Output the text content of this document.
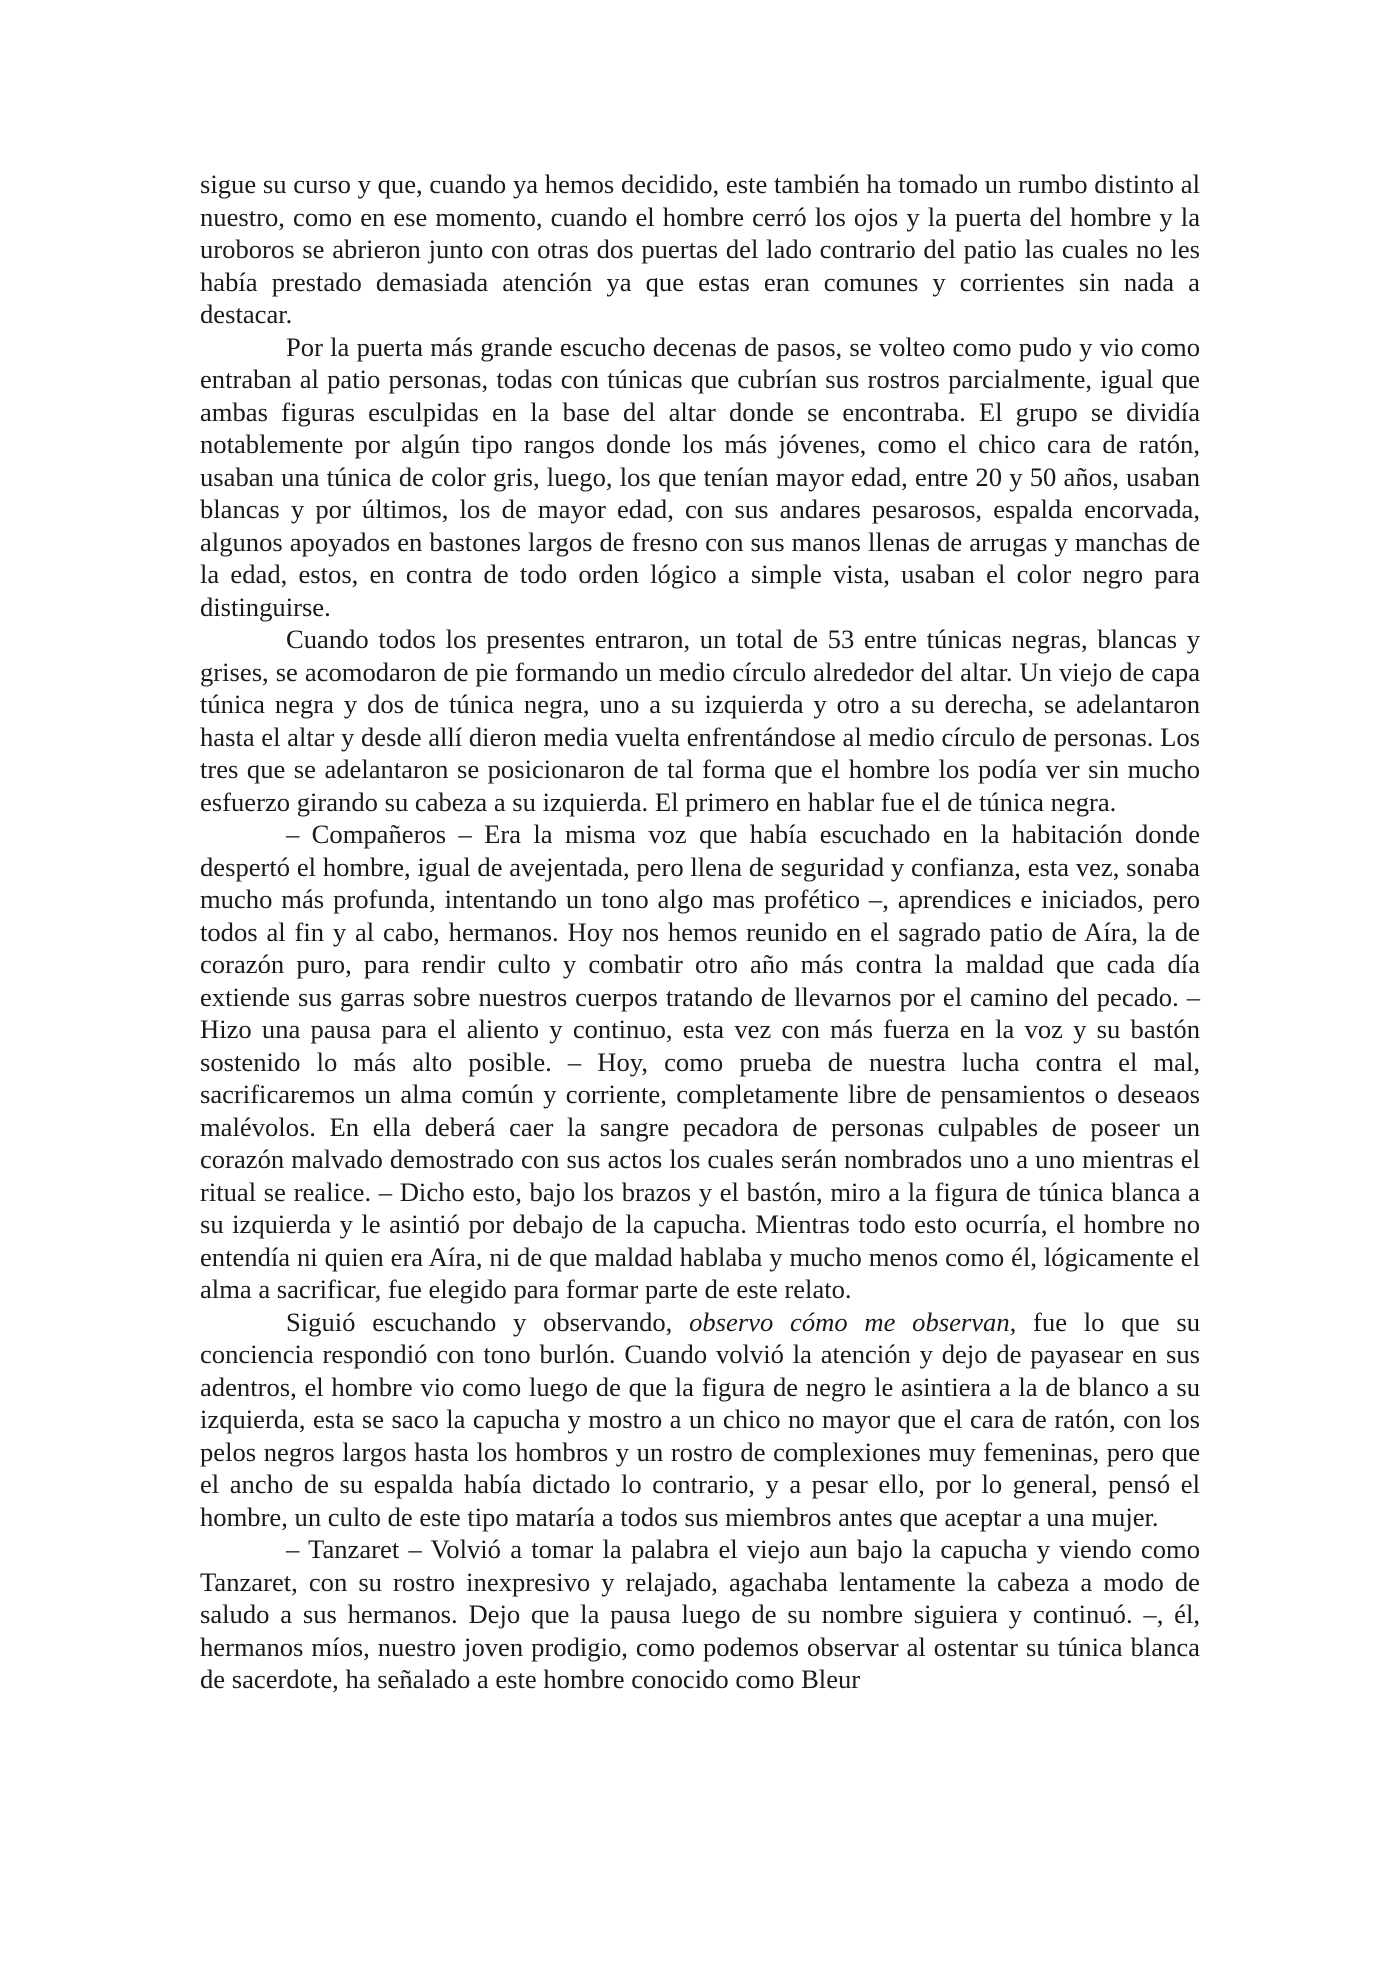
sigue su curso y que, cuando ya hemos decidido, este también ha tomado un rumbo distinto al nuestro, como en ese momento, cuando el hombre cerró los ojos y la puerta del hombre y la uroboros se abrieron junto con otras dos puertas del lado contrario del patio las cuales no les había prestado demasiada atención ya que estas eran comunes y corrientes sin nada a destacar.

Por la puerta más grande escucho decenas de pasos, se volteo como pudo y vio como entraban al patio personas, todas con túnicas que cubrían sus rostros parcialmente, igual que ambas figuras esculpidas en la base del altar donde se encontraba. El grupo se dividía notablemente por algún tipo rangos donde los más jóvenes, como el chico cara de ratón, usaban una túnica de color gris, luego, los que tenían mayor edad, entre 20 y 50 años, usaban blancas y por últimos, los de mayor edad, con sus andares pesarosos, espalda encorvada, algunos apoyados en bastones largos de fresno con sus manos llenas de arrugas y manchas de la edad, estos, en contra de todo orden lógico a simple vista, usaban el color negro para distinguirse.

Cuando todos los presentes entraron, un total de 53 entre túnicas negras, blancas y grises, se acomodaron de pie formando un medio círculo alrededor del altar. Un viejo de capa túnica negra y dos de túnica negra, uno a su izquierda y otro a su derecha, se adelantaron hasta el altar y desde allí dieron media vuelta enfrentándose al medio círculo de personas. Los tres que se adelantaron se posicionaron de tal forma que el hombre los podía ver sin mucho esfuerzo girando su cabeza a su izquierda. El primero en hablar fue el de túnica negra.

– Compañeros – Era la misma voz que había escuchado en la habitación donde despertó el hombre, igual de avejentada, pero llena de seguridad y confianza, esta vez, sonaba mucho más profunda, intentando un tono algo mas profético –, aprendices e iniciados, pero todos al fin y al cabo, hermanos. Hoy nos hemos reunido en el sagrado patio de Aíra, la de corazón puro, para rendir culto y combatir otro año más contra la maldad que cada día extiende sus garras sobre nuestros cuerpos tratando de llevarnos por el camino del pecado. – Hizo una pausa para el aliento y continuo, esta vez con más fuerza en la voz y su bastón sostenido lo más alto posible. – Hoy, como prueba de nuestra lucha contra el mal, sacrificaremos un alma común y corriente, completamente libre de pensamientos o deseaos malévolos. En ella deberá caer la sangre pecadora de personas culpables de poseer un corazón malvado demostrado con sus actos los cuales serán nombrados uno a uno mientras el ritual se realice. – Dicho esto, bajo los brazos y el bastón, miro a la figura de túnica blanca a su izquierda y le asintió por debajo de la capucha. Mientras todo esto ocurría, el hombre no entendía ni quien era Aíra, ni de que maldad hablaba y mucho menos como él, lógicamente el alma a sacrificar, fue elegido para formar parte de este relato.

Siguió escuchando y observando, observo cómo me observan, fue lo que su conciencia respondió con tono burlón. Cuando volvió la atención y dejo de payasear en sus adentros, el hombre vio como luego de que la figura de negro le asintiera a la de blanco a su izquierda, esta se saco la capucha y mostro a un chico no mayor que el cara de ratón, con los pelos negros largos hasta los hombros y un rostro de complexiones muy femeninas, pero que el ancho de su espalda había dictado lo contrario, y a pesar ello, por lo general, pensó el hombre, un culto de este tipo mataría a todos sus miembros antes que aceptar a una mujer.

– Tanzaret – Volvió a tomar la palabra el viejo aun bajo la capucha y viendo como Tanzaret, con su rostro inexpresivo y relajado, agachaba lentamente la cabeza a modo de saludo a sus hermanos. Dejo que la pausa luego de su nombre siguiera y continuó. –, él, hermanos míos, nuestro joven prodigio, como podemos observar al ostentar su túnica blanca de sacerdote, ha señalado a este hombre conocido como Bleur
